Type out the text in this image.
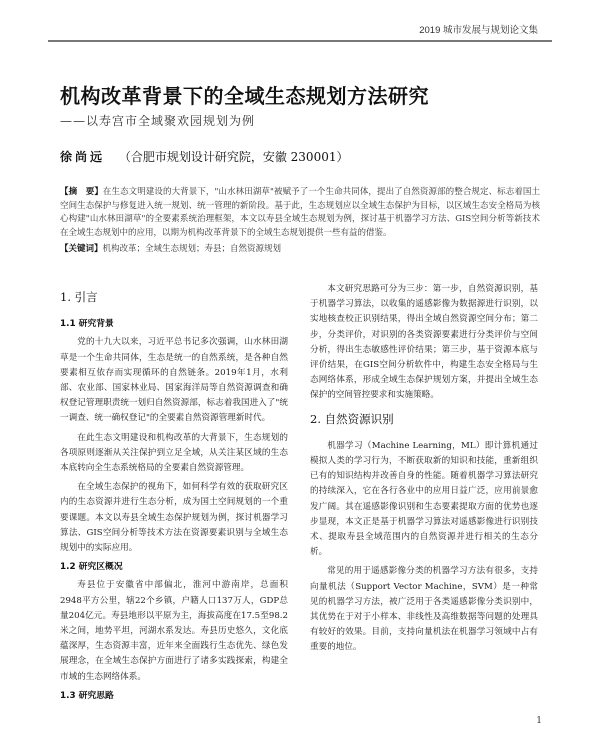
2019 城市发展与规划论文集
机构改革背景下的全域生态规划方法研究
——以寿宫市全域聚欢园规划为例
徐尚远 （合肥市规划设计研究院，安徽 230001）

【摘　要】在生态文明建设的大背景下，"山水林田湖草"被赋予了一个生命共同体，提出了自然资源部的整合规定、标志着国土空间生态保护与修复进入统一规划、统一管理的新阶段。基于此，生态规划应以全域生态保护为目标，以区域生态安全格局为核心构建"山水林田湖草"的全要素系统治理框架，本文以寿县全域生态规划为例，探讨基于机器学习方法、GIS空间分析等新技术在全域生态规划中的应用，以期为机构改革背景下的全域生态规划提供一些有益的借鉴。

【关键词】机构改革；全域生态规划；寿县；自然资源规划

1. 引言
1.1 研究背景

党的十九大以来，习近平总书记多次强调，山水林田湖草是一个生命共同体，生态是统一的自然系统，是各种自然要素相互依存而实现循环的自然链条。2019年1月，水利部、农业部、国家林业局、国家海洋局等自然资源调查和确权登记管理职责统一划归自然资源部，标志着我国进入了"统一调查、统一确权登记"的全要素自然资源管理新时代。

在此生态文明建设和机构改革的大背景下，生态规划的各项原则逐渐从关注保护到立足全域，从关注某区域的生态本底转向全生态系统格局的全要素自然资源管理。

在全域生态保护的视角下，如何科学有效的获取研究区内的生态资源并进行生态分析，成为国土空间规划的一个重要课题。本文以寿县全域生态保护规划为例，探讨机器学习算法、GIS空间分析等技术方法在资源要素识别与全域生态规划中的实际应用。

1.2 研究区概况

寿县位于安徽省中部偏北，淮河中游南岸，总面积2948平方公里，辖22个乡镇，户籍人口137万人，GDP总量204亿元。寿县地形以平原为主，海拔高度在17.5至98.2米之间，地势平坦，河湖水系发达。寿县历史悠久，文化底蕴深厚，生态资源丰富，近年来全面践行生态优先、绿色发展理念，在全域生态保护方面进行了诸多实践探索，构建全市域的生态网络体系。

1.3 研究思路

本文研究思路可分为三步：第一步，自然资源识别，基于机器学习算法，以收集的遥感影像为数据源进行识别，以实地核查校正识别结果，得出全域自然资源空间分布；第二步，分类评价，对识别的各类资源要素进行分类评价与空间分析，得出生态敏感性评价结果；第三步，基于资源本底与评价结果，在GIS空间分析软件中，构建生态安全格局与生态网络体系，形成全域生态保护规划方案，并提出全域生态保护的空间管控要求和实施策略。

2. 自然资源识别

机器学习（Machine Learning，ML）即计算机通过模拟人类的学习行为，不断获取新的知识和技能，重新组织已有的知识结构并改善自身的性能。随着机器学习算法研究的持续深入，它在各行各业中的应用日益广泛，应用前景愈发广阔。其在遥感影像识别和生态要素提取方面的优势也逐步显现，本文正是基于机器学习算法对遥感影像进行识别技术、提取寿县全域范围内的自然资源并进行相关的生态分析。

常见的用于遥感影像分类的机器学习方法有很多，支持向量机法（Support Vector Machine，SVM）是一种常见的机器学习方法，被广泛用于各类遥感影像分类识别中，其优势在于对于小样本、非线性及高维数据等问题的处理具有较好的效果。目前，支持向量机法在机器学习领域中占有重要的地位。

1
